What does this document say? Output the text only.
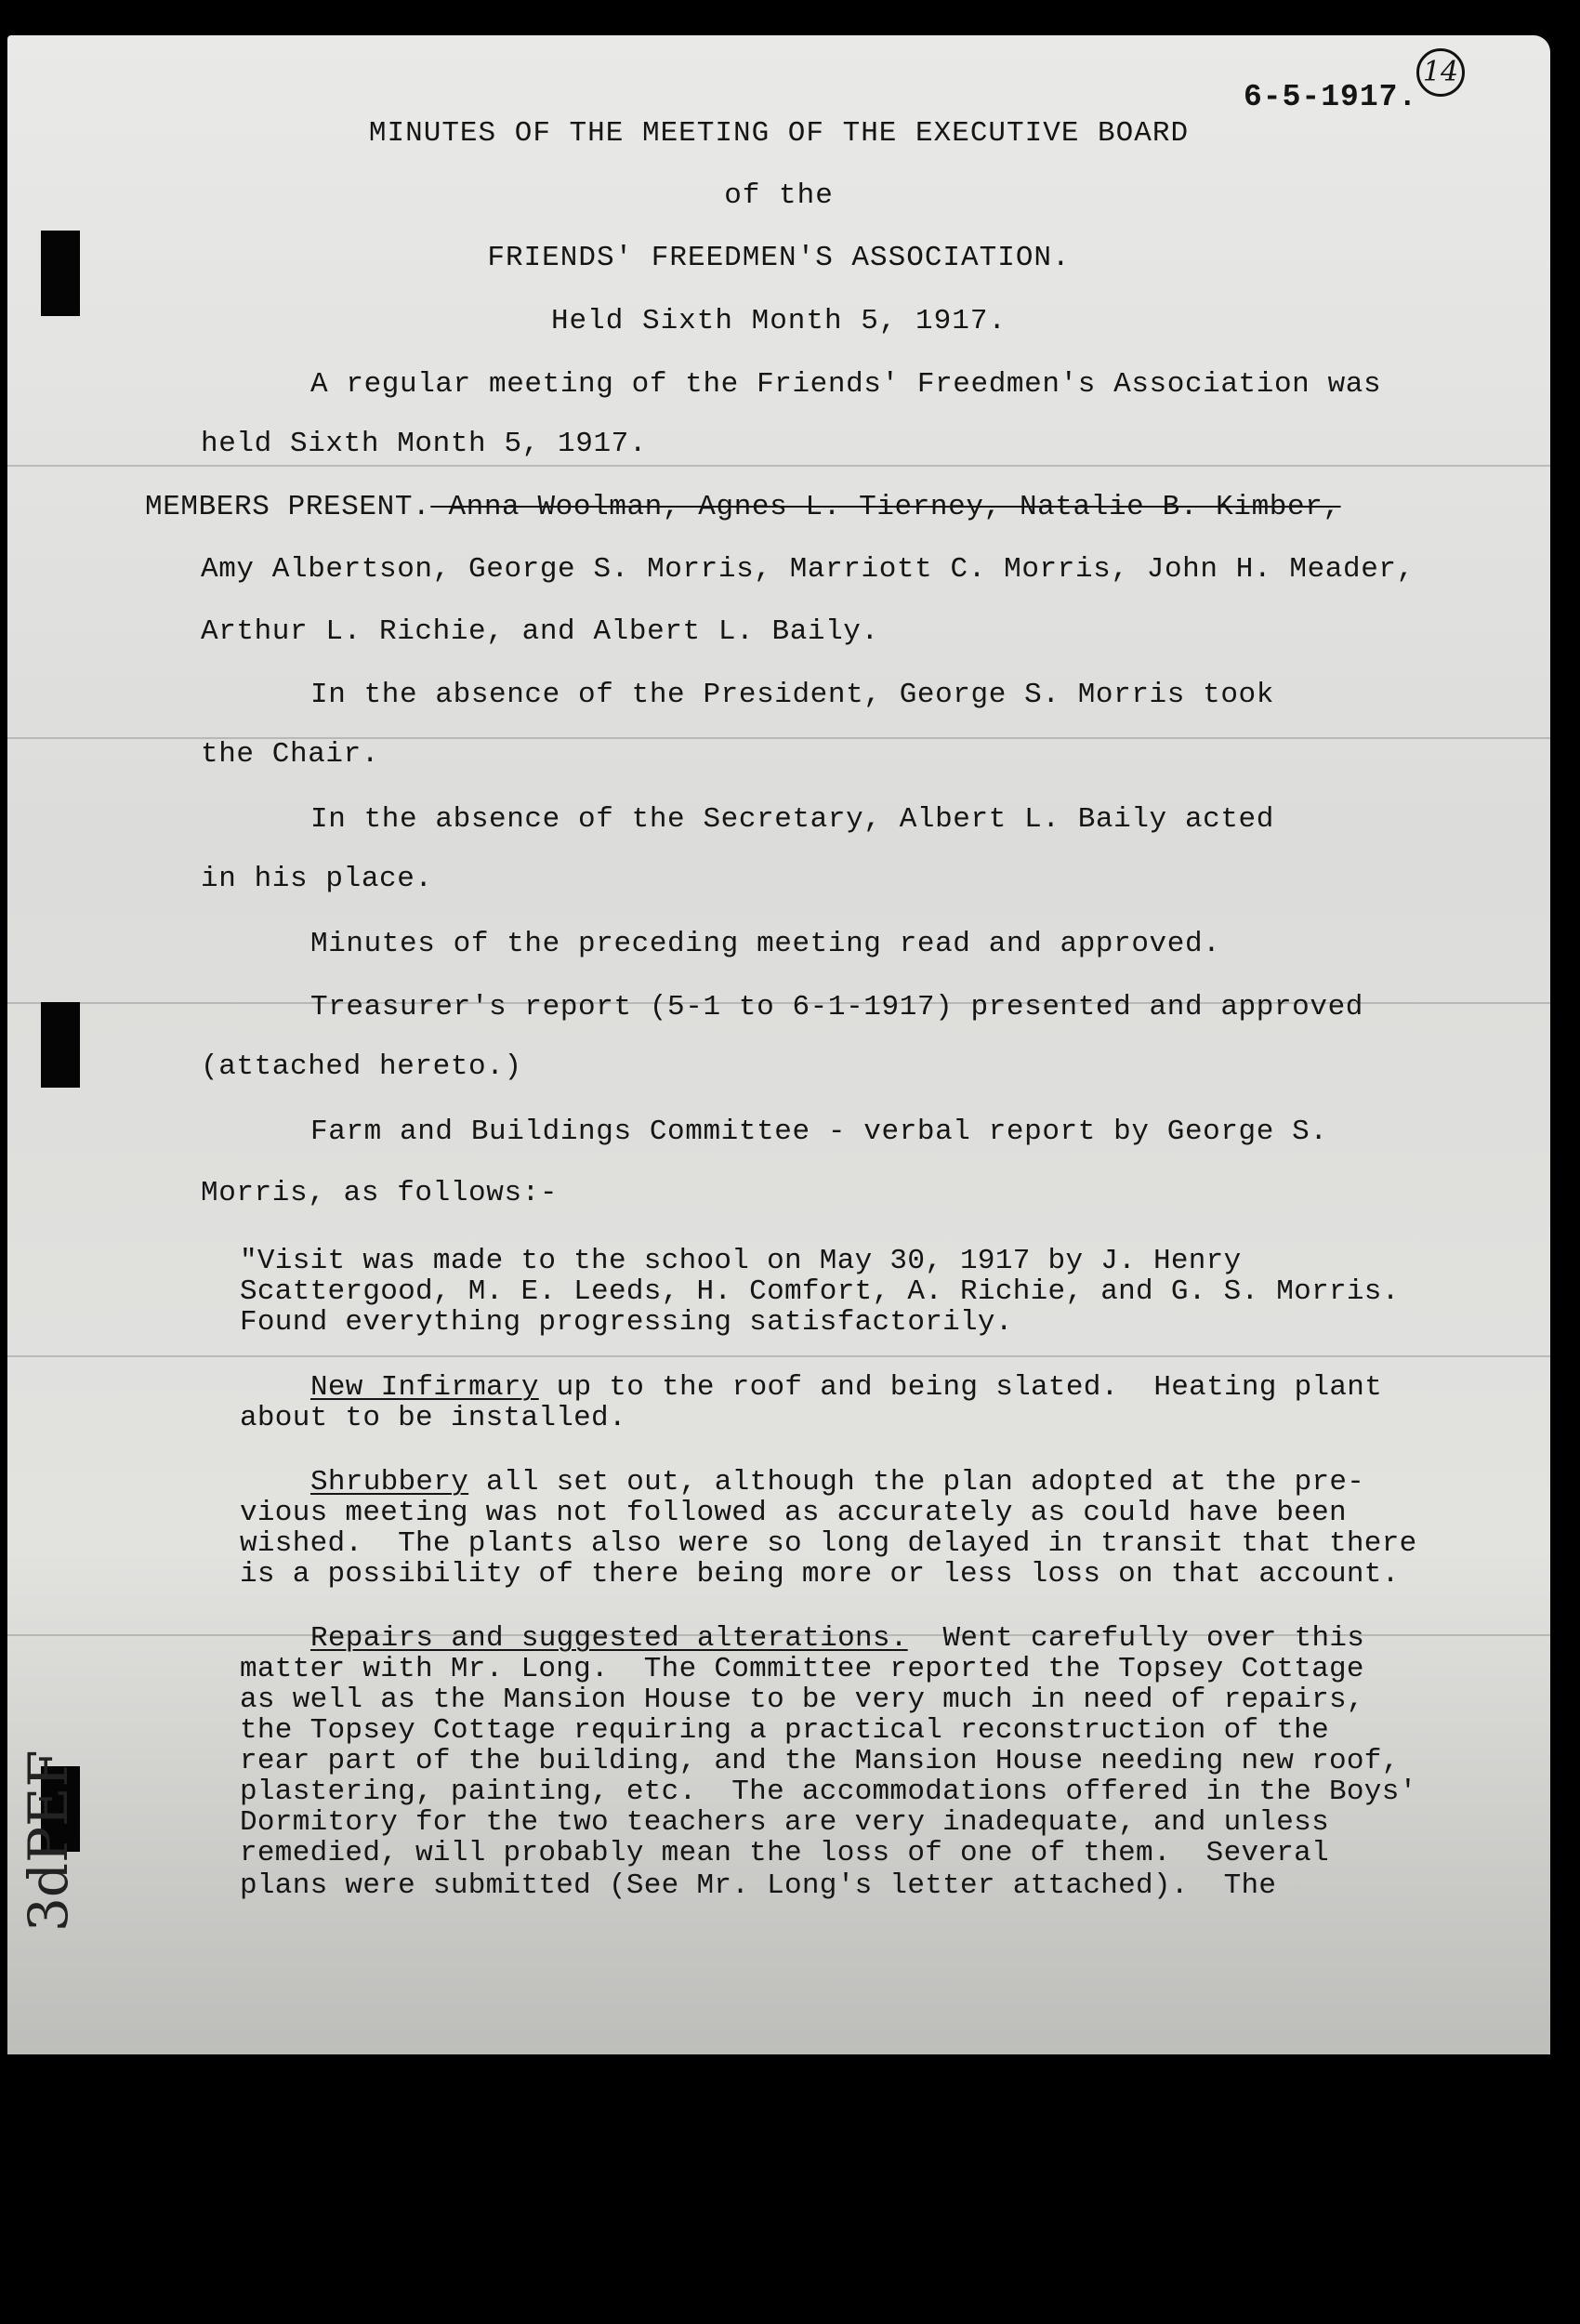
14
6-5-1917.
MINUTES OF THE MEETING OF THE EXECUTIVE BOARD
of the
FRIENDS' FREEDMEN'S ASSOCIATION.
Held Sixth Month 5, 1917.
A regular meeting of the Friends' Freedmen's Association was
held Sixth Month 5, 1917.
MEMBERS PRESENT. Anna Woolman, Agnes L. Tierney, Natalie B. Kimber,
Amy Albertson, George S. Morris, Marriott C. Morris, John H. Meader,
Arthur L. Richie, and Albert L. Baily.
In the absence of the President, George S. Morris took
the Chair.
In the absence of the Secretary, Albert L. Baily acted
in his place.
Minutes of the preceding meeting read and approved.
Treasurer's report (5-1 to 6-1-1917) presented and approved
(attached hereto.)
Farm and Buildings Committee - verbal report by George S.
Morris, as follows:-
"Visit was made to the school on May 30, 1917 by J. Henry
Scattergood, M. E. Leeds, H. Comfort, A. Richie, and G. S. Morris.
Found everything progressing satisfactorily.
New Infirmary up to the roof and being slated.  Heating plant
about to be installed.
Shrubbery all set out, although the plan adopted at the pre-
vious meeting was not followed as accurately as could have been
wished.  The plants also were so long delayed in transit that there
is a possibility of there being more or less loss on that account.
Repairs and suggested alterations.  Went carefully over this
matter with Mr. Long.  The Committee reported the Topsey Cottage
as well as the Mansion House to be very much in need of repairs,
the Topsey Cottage requiring a practical reconstruction of the
rear part of the building, and the Mansion House needing new roof,
plastering, painting, etc.  The accommodations offered in the Boys'
Dormitory for the two teachers are very inadequate, and unless
remedied, will probably mean the loss of one of them.  Several
plans were submitted (See Mr. Long's letter attached).  The
3dPEF
